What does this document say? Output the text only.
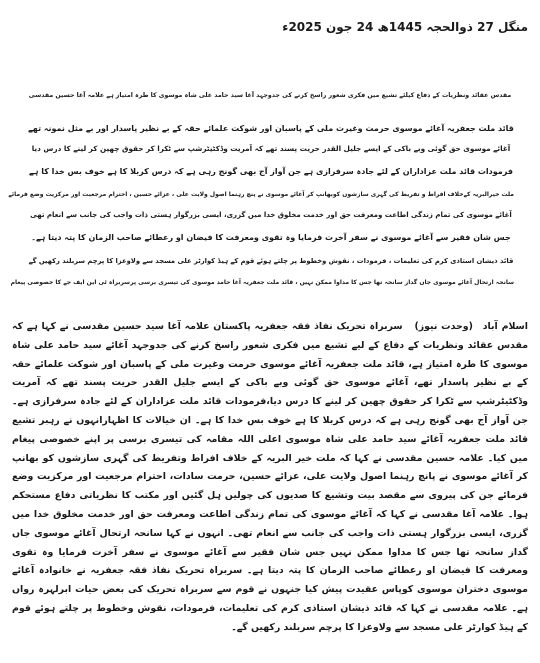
منگل 27 ذوالحجہ 1445ھ 24 جون 2025ء
مقدس عقائد ونظریات کے دفاع کیلئے تشیع میں فکری شعور راسخ کرنے کی جدوجہد آغا سید حامد علی شاہ موسوی کا طرہ امتیاز ہے علامہ آغا حسین مقدسی
قائد ملت جعفریہ آغائے موسوی حرمت وغیرت ملی کے پاسبان اور شوکت علمائے حقہ کے بے نظیر پاسدار اور بے مثل نمونہ تھے
آغائے موسوی حق گوئی وبے باکی کے ایسے جلیل القدر حریت پسند تھے کہ آمریت وڈکٹیٹرشپ سے ٹکرا کر حقوق چھین کر لینے کا درس دیا
فرمودات قائد ملت عزاداران کے لئے جادہ سرفرازی ہے جن آواز آج بھی گونج رہی ہے کہ درس کربلا کا ہے خوف بس خدا کا ہے
ملت خیرالبریہ کےخلاف افراط و تفریط کی گہری سازشوں کوبھانپ کر آغائے موسوی نے پنچ رہنما اصول ولایت علی ، عزائے حسین ، احترام مرجعیت اور مرکزیت وضع فرمائے
آغائے موسوی کی تمام زندگی اطاعت ومعرفت حق اور خدمت مخلوق خدا میں گزری، ایسی بزرگوار ہستی ذات واجب کی جانب سے انعام تھی
جس شان فقیر سے آغائے موسوی نے سفر آخرت فرمایا وہ تقوی ومعرفت کا فیضان او رعطائے صاحب الزمان کا پتہ دیتا ہے۔
قائد ذیشان استاذی کرم کی تعلیمات ، فرمودات ، نقوش وخطوط پر چلتے ہوئے قوم کے ہیڈ کوارٹر علی مسجد سے ولاوعزا کا پرچم سربلند رکھیں گے
سانحہ ارتحال آغائے موسوی جاں گداز سانحہ تھا جس کا مداوا ممکن نہیں ، قائد ملت جعفریہ آغا حامد موسوی کی تیسری برسی پرسربراہ ٹی این ایف جے کا خصوصی پیغام
اسلام آباد (وحدت نیوز) سربراہ تحریک نفاذ فقہ جعفریہ پاکستان علامہ آغا سید حسین مقدسی نے کہا ہے کہ مقدس عقائد ونظریات کے دفاع کے لیے تشیع میں فکری شعور راسخ کرنے کی جدوجہد آغائے سید حامد علی شاہ موسوی کا طرہ امتیاز ہے، قائد ملت جعفریہ آغائے موسوی حرمت وغیرت ملی کے پاسبان اور شوکت علمائے حقہ کے بے نظیر پاسدار تھے، آغائے موسوی حق گوئی وبے باکی کے ایسے جلیل القدر حریت پسند تھے کہ آمریت وڈکٹیٹرشپ سے ٹکرا کر حقوق چھین کر لینے کا درس دیا،فرمودات قائد ملت عزاداران کے لئے جادہ سرفرازی ہے۔جن آواز آج بھی گونج رہی ہے کہ درس کربلا کا ہے خوف بس خدا کا ہے۔ ان خیالات کا اظہارانہوں نے رہبر تشیع قائد ملت جعفریہ آغائے سید حامد علی شاہ موسوی اعلی اللہ مقامہ کی تیسری برسی پر اپنے خصوصی پیغام میں کیا۔ علامہ حسین مقدسی نے کہا کہ ملت خیر البریہ کے خلاف افراط وتفریط کی گہری سازشوں کو بھانپ کر آغائے موسوی نے پانچ رہنما اصول ولایت علی، عزائے حسین، حرمت سادات، احترام مرجعیت اور مرکزیت وضع فرمائے جن کی پیروی سے مقصد بیت وتشیع کا صدیوں کی چولیں ہل گئیں اور مکتب کا نظریاتی دفاع مستحکم ہوا۔ علامہ آغا مقدسی نے کہا کہ آغائے موسوی کی تمام زندگی اطاعت ومعرفت حق اور خدمت مخلوق خدا میں گزری، ایسی بزرگوار ہستی ذات واجب کی جانب سے انعام تھی۔ انہوں نے کہا سانحہ ارتحال آغائے موسوی جاں گداز سانحہ تھا جس کا مداوا ممکن نہیں جس شان فقیر سے آغائے موسوی نے سفر آخرت فرمایا وہ تقوی ومعرفت کا فیضان او رعطائے صاحب الزمان کا پتہ دیتا ہے۔ سربراہ تحریک نفاذ فقہ جعفریہ نے خانوادہ آغائے موسوی دختران موسوی کوپاس عقیدت پیش کیا جنہوں نے قوم سے سربراہ تحریک کی بعض حیات ابرلہرہ رواں ہے۔ علامہ مقدسی نے کہا کہ قائد ذیشان استاذی کرم کی تعلیمات، فرمودات، نقوش وخطوط پر چلتے ہوئے قوم کے ہیڈ کوارٹر علی مسجد سے ولاوعزا کا پرچم سربلند رکھیں گے۔
